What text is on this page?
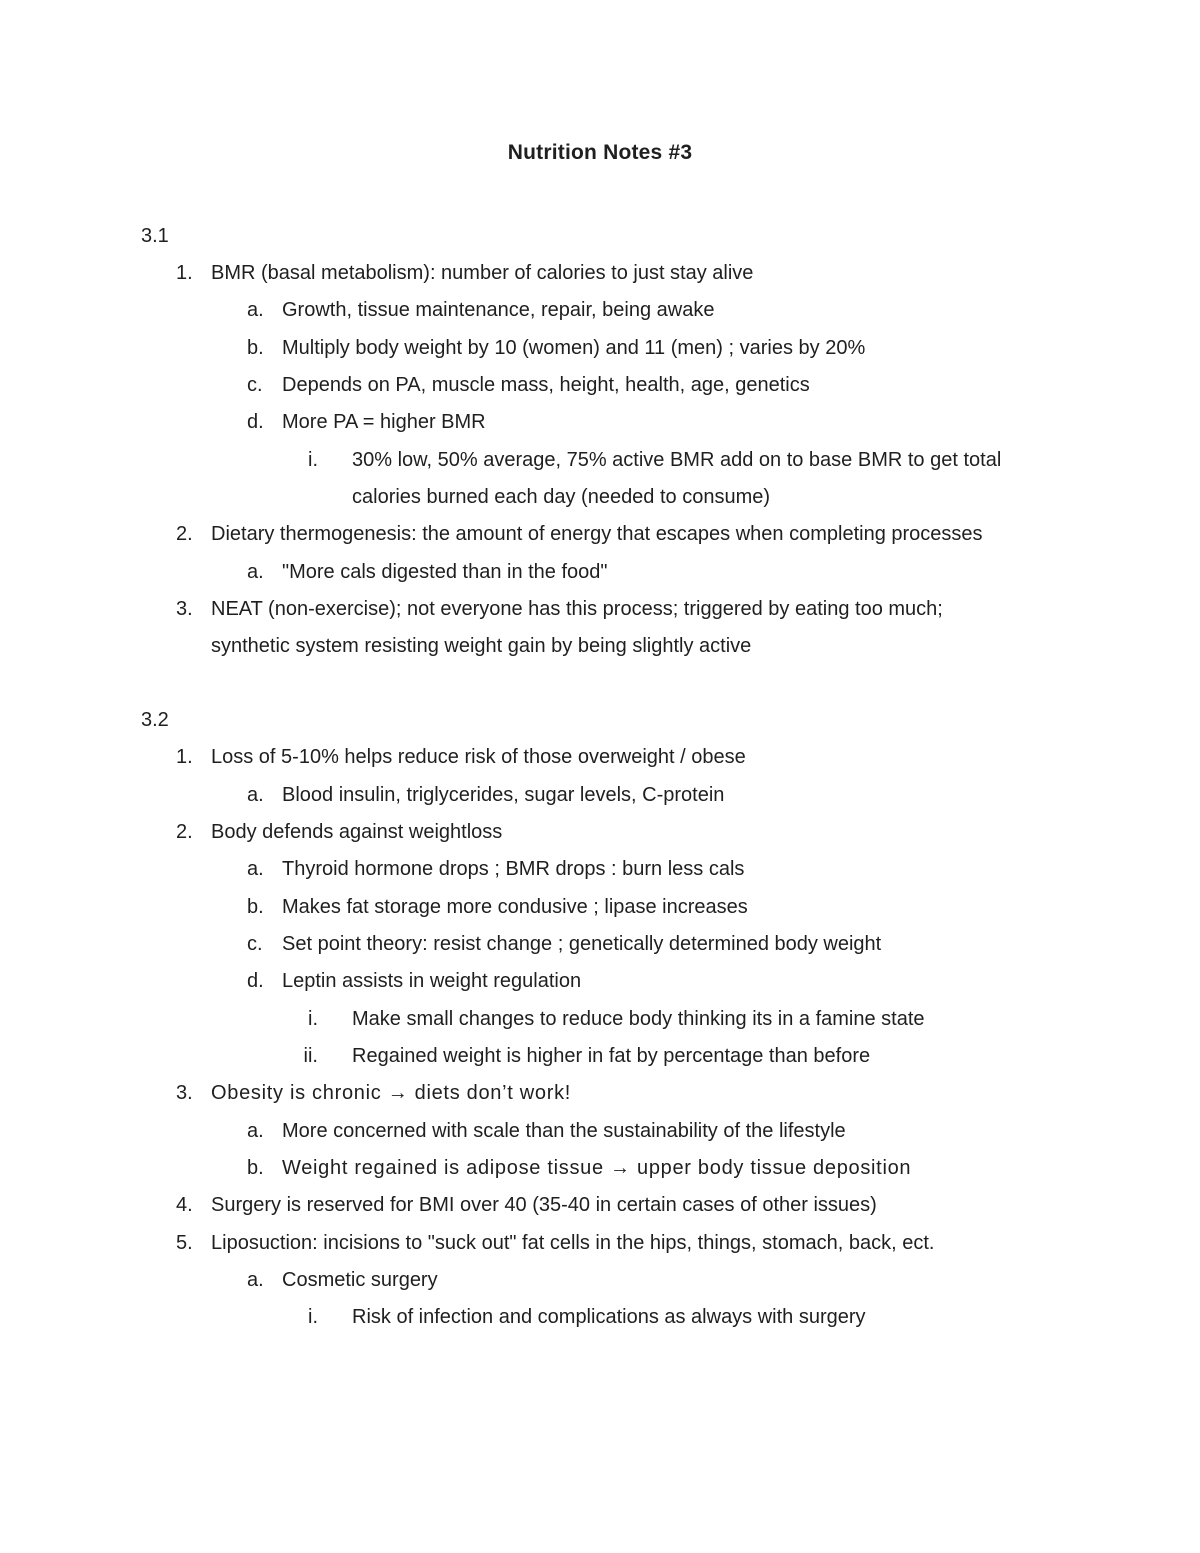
Nutrition Notes #3
3.1
1. BMR (basal metabolism): number of calories to just stay alive
a. Growth, tissue maintenance, repair, being awake
b. Multiply body weight by 10 (women) and 11 (men) ; varies by 20%
c. Depends on PA, muscle mass, height, health, age, genetics
d. More PA = higher BMR
i. 30% low, 50% average, 75% active BMR add on to base BMR to get total
calories burned each day (needed to consume)
2. Dietary thermogenesis: the amount of energy that escapes when completing processes
a. "More cals digested than in the food"
3. NEAT (non-exercise); not everyone has this process; triggered by eating too much;
synthetic system resisting weight gain by being slightly active
3.2
1. Loss of 5-10% helps reduce risk of those overweight / obese
a. Blood insulin, triglycerides, sugar levels, C-protein
2. Body defends against weightloss
a. Thyroid hormone drops ; BMR drops : burn less cals
b. Makes fat storage more condusive ; lipase increases
c. Set point theory: resist change ; genetically determined body weight
d. Leptin assists in weight regulation
i. Make small changes to reduce body thinking its in a famine state
ii. Regained weight is higher in fat by percentage than before
3. Obesity is chronic → diets don’t work!
a. More concerned with scale than the sustainability of the lifestyle
b. Weight regained is adipose tissue → upper body tissue deposition
4. Surgery is reserved for BMI over 40 (35-40 in certain cases of other issues)
5. Liposuction: incisions to "suck out" fat cells in the hips, things, stomach, back, ect.
a. Cosmetic surgery
i. Risk of infection and complications as always with surgery
